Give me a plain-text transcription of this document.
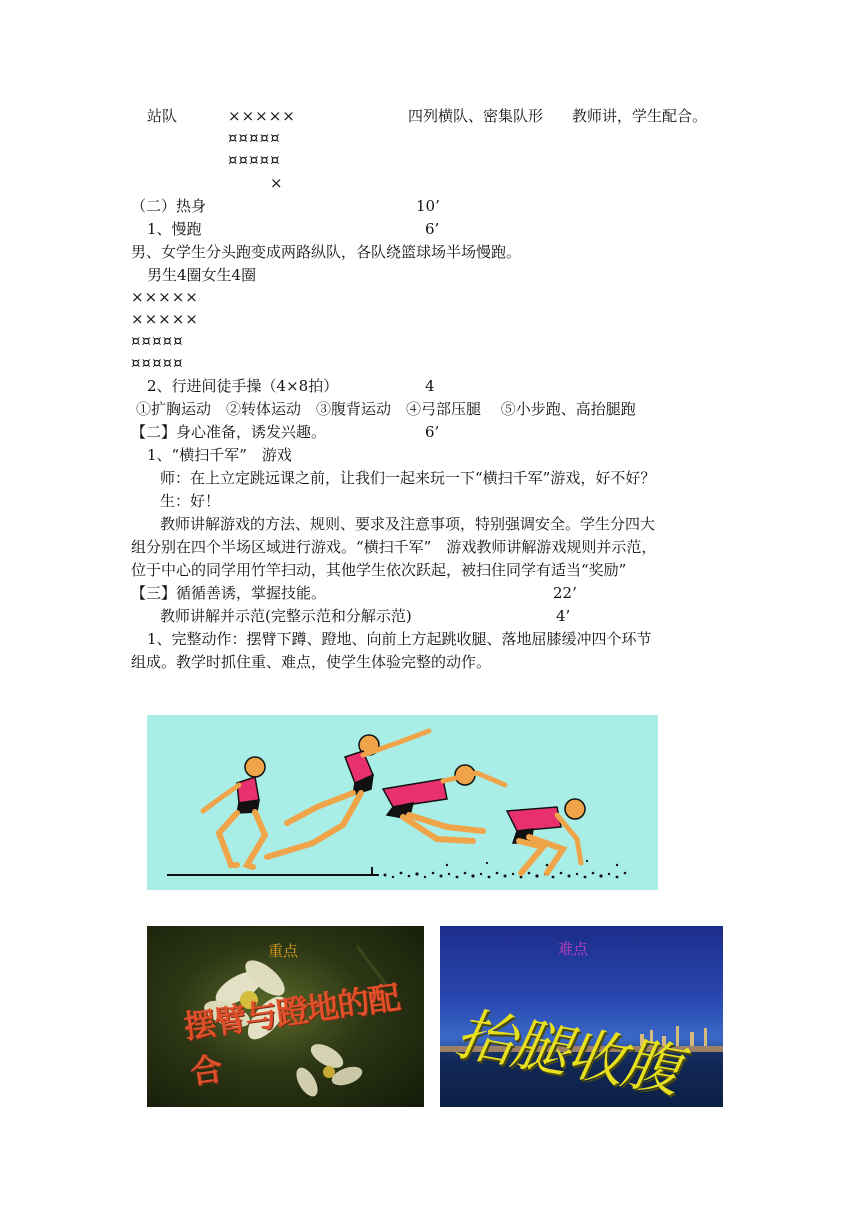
站队	×××××	四列横队、密集队形 教师讲，学生配合。
¤¤¤¤¤
¤¤¤¤¤
×
（二）热身	10’
1、慢跑	6’
男、女学生分头跑变成两路纵队，各队绕篮球场半场慢跑。
男生4圈女生4圈
×××××
×××××
¤¤¤¤¤
¤¤¤¤¤
2、行进间徒手操（4×8拍）	4
①扩胸运动　②转体运动　③腹背运动　④弓部压腿　 ⑤小步跑、高抬腿跑
【二】身心准备，诱发兴趣。	6’
1、“横扫千军”　游戏
师：在上立定跳远课之前，让我们一起来玩一下“横扫千军”游戏，好不好？
生：好！
教师讲解游戏的方法、规则、要求及注意事项，特别强调安全。学生分四大
组分别在四个半场区域进行游戏。“横扫千军”　游戏教师讲解游戏规则并示范，
位于中心的同学用竹竿扫动，其他学生依次跃起，被扫住同学有适当“奖励”
【三】循循善诱，掌握技能。	22’
教师讲解并示范(完整示范和分解示范)	4’
1、完整动作：摆臂下蹲、蹬地、向前上方起跳收腿、落地屈膝缓冲四个环节
组成。教学时抓住重、难点，使学生体验完整的动作。
重点
摆臂与蹬地的配合
难点
抬腿收腹
